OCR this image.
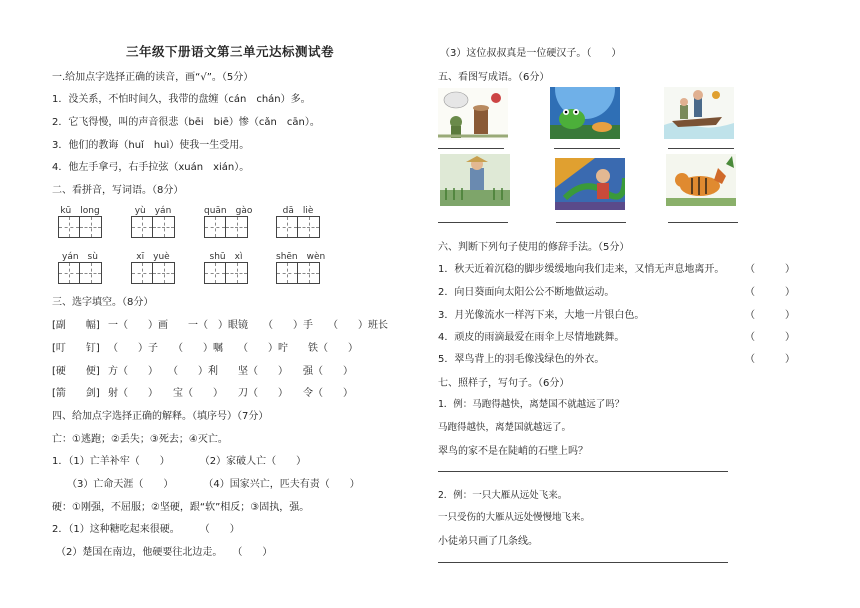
三年级下册语文第三单元达标测试卷
一.给加点字选择正确的读音，画“√”。（5分）
1．没关系，不怕时间久，我带的盘缠（cán　chán）多。
2．它飞得慢，叫的声音很悲（bēi　biē）惨（cǎn　cān）。
3．他们的教诲（huǐ　huì）使我一生受用。
4．他左手拿弓，右手拉弦（xuán　xián）。
二、看拼音，写词语。（8分）
kū　long	yù　yán	quān　gào	dā　liè
yán　sù	xī　yuè	shū　xì	shēn　wèn
三、选字填空。（8分）
[副　　幅] 一（　　）画　　一（　）眼镜　　（　　）手　　（　　）班长
[叮　　钉] （　　）子　　（　　）嘱　　（　　）咛　　铁（　　）
[硬　　便] 方（　　）　　（　　）利　　坚（　　）　　强（　　）
[箭　　剑] 射（　　）　　宝（　　）　　刀（　　）　　令（　　）
四、给加点字选择正确的解释。（填序号）（7分）
亡：①逃跑；②丢失；③死去；④灭亡。
1．（1）亡羊补牢（　　）　　　　（2）家破人亡（　　）
　　（3）亡命天涯（　　）　　　　（4）国家兴亡，匹夫有责（　　）
硬：①刚强，不屈服；②坚硬，跟“软”相反；③固执，强。
2．（1）这种糖吃起来很硬。　　　（　　）
（2）楚国在南边，他硬要往北边走。　　（　　）
（3）这位叔叔真是一位硬汉子。（　　）
五、看图写成语。（6分）
六、判断下列句子使用的修辞手法。（5分）
1．秋天近着沉稳的脚步缓缓地向我们走来，又悄无声息地离开。 （　　　）
2．向日葵面向太阳公公不断地做运动。	（　　　）
3．月光像流水一样泻下来，大地一片银白色。	（　　　）
4．顽皮的雨滴最爱在雨伞上尽情地跳舞。	（　　　）
5．翠鸟背上的羽毛像浅绿色的外衣。	（　　　）
七、照样子，写句子。（6分）
1．例：马跑得越快，离楚国不就越远了吗？
马跑得越快，离楚国就越远了。
翠鸟的家不是在陡峭的石壁上吗？
2．例：一只大雁从远处飞来。
一只受伤的大雁从远处慢慢地飞来。
小徒弟只画了几条线。
